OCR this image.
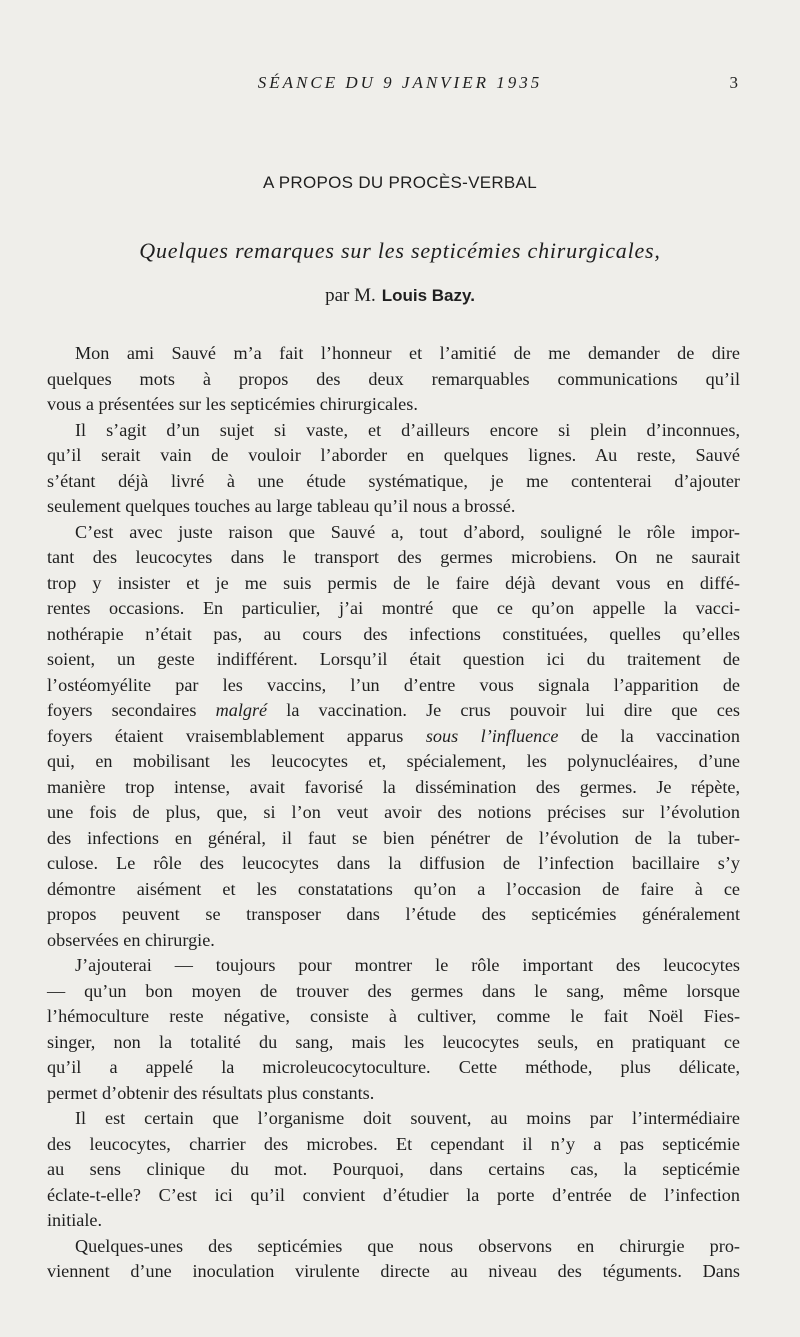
SÉANCE DU 9 JANVIER 1935	3
A PROPOS DU PROCÈS-VERBAL
Quelques remarques sur les septicémies chirurgicales,
par M. Louis Bazy.
Mon ami Sauvé m’a fait l’honneur et l’amitié de me demander de dire
quelques mots à propos des deux remarquables communications qu’il
vous a présentées sur les septicémies chirurgicales.
Il s’agit d’un sujet si vaste, et d’ailleurs encore si plein d’inconnues,
qu’il serait vain de vouloir l’aborder en quelques lignes. Au reste, Sauvé
s’étant déjà livré à une étude systématique, je me contenterai d’ajouter
seulement quelques touches au large tableau qu’il nous a brossé.
C’est avec juste raison que Sauvé a, tout d’abord, souligné le rôle impor-
tant des leucocytes dans le transport des germes microbiens. On ne saurait
trop y insister et je me suis permis de le faire déjà devant vous en diffé-
rentes occasions. En particulier, j’ai montré que ce qu’on appelle la vacci-
nothérapie n’était pas, au cours des infections constituées, quelles qu’elles
soient, un geste indifférent. Lorsqu’il était question ici du traitement de
l’ostéomyélite par les vaccins, l’un d’entre vous signala l’apparition de
foyers secondaires malgré la vaccination. Je crus pouvoir lui dire que ces
foyers étaient vraisemblablement apparus sous l’influence de la vaccination
qui, en mobilisant les leucocytes et, spécialement, les polynucléaires, d’une
manière trop intense, avait favorisé la dissémination des germes. Je répète,
une fois de plus, que, si l’on veut avoir des notions précises sur l’évolution
des infections en général, il faut se bien pénétrer de l’évolution de la tuber-
culose. Le rôle des leucocytes dans la diffusion de l’infection bacillaire s’y
démontre aisément et les constatations qu’on a l’occasion de faire à ce
propos peuvent se transposer dans l’étude des septicémies généralement
observées en chirurgie.
J’ajouterai — toujours pour montrer le rôle important des leucocytes
— qu’un bon moyen de trouver des germes dans le sang, même lorsque
l’hémoculture reste négative, consiste à cultiver, comme le fait Noël Fies-
singer, non la totalité du sang, mais les leucocytes seuls, en pratiquant ce
qu’il a appelé la microleucocytoculture. Cette méthode, plus délicate,
permet d’obtenir des résultats plus constants.
Il est certain que l’organisme doit souvent, au moins par l’intermédiaire
des leucocytes, charrier des microbes. Et cependant il n’y a pas septicémie
au sens clinique du mot. Pourquoi, dans certains cas, la septicémie
éclate-t-elle? C’est ici qu’il convient d’étudier la porte d’entrée de l’infection
initiale.
Quelques-unes des septicémies que nous observons en chirurgie pro-
viennent d’une inoculation virulente directe au niveau des téguments. Dans
